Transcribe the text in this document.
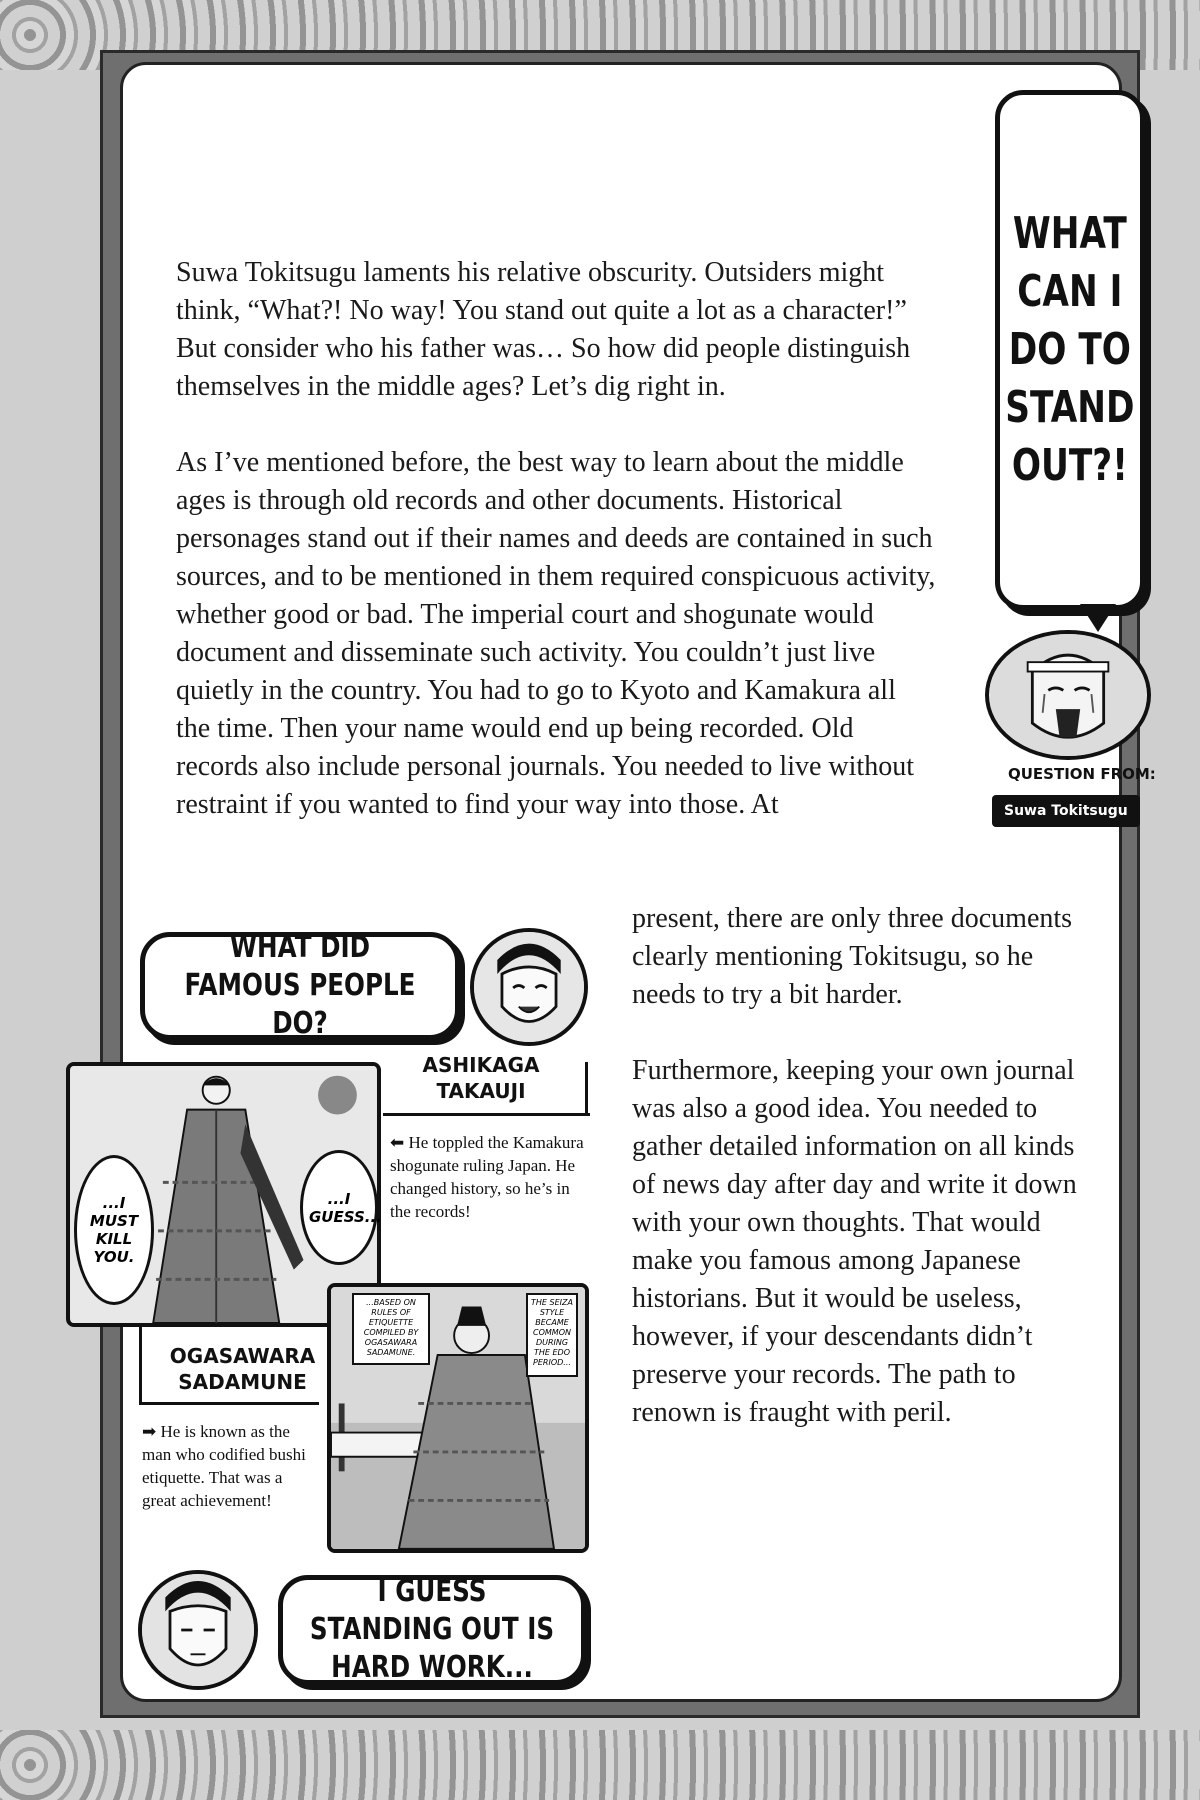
Suwa Tokitsugu laments his relative obscurity. Outsiders might think, “What?! No way! You stand out quite a lot as a character!” But consider who his father was… So how did people distinguish themselves in the middle ages? Let’s dig right in.

As I’ve mentioned before, the best way to learn about the middle ages is through old records and other documents. Historical personages stand out if their names and deeds are contained in such sources, and to be mentioned in them required conspicuous activity, whether good or bad. The imperial court and shogunate would document and disseminate such activity. You couldn’t just live quietly in the country. You had to go to Kyoto and Kamakura all the time. Then your name would end up being recorded. Old records also include personal journals. You needed to live without restraint if you wanted to find your way into those. At

present, there are only three documents clearly mentioning Tokitsugu, so he needs to try a bit harder.

Furthermore, keeping your own journal was also a good idea. You needed to gather detailed information on all kinds of news day after day and write it down with your own thoughts. That would make you famous among Japanese historians. But it would be useless, however, if your descendants didn’t preserve your records. The path to renown is fraught with peril.

WHAT CAN I DO TO STAND OUT?!
QUESTION FROM:
Suwa Tokitsugu
WHAT DID FAMOUS PEOPLE DO?
ASHIKAGA TAKAUJI
⬅ He toppled the Kamakura shogunate ruling Japan. He changed history, so he’s in the records!
...I MUST KILL YOU.
...I GUESS...
OGASAWARA SADAMUNE
➡ He is known as the man who codified bushi etiquette. That was a great achievement!
...BASED ON RULES OF ETIQUETTE COMPILED BY OGASAWARA SADAMUNE.
THE SEIZA STYLE BECAME COMMON DURING THE EDO PERIOD...
I GUESS STANDING OUT IS HARD WORK...
